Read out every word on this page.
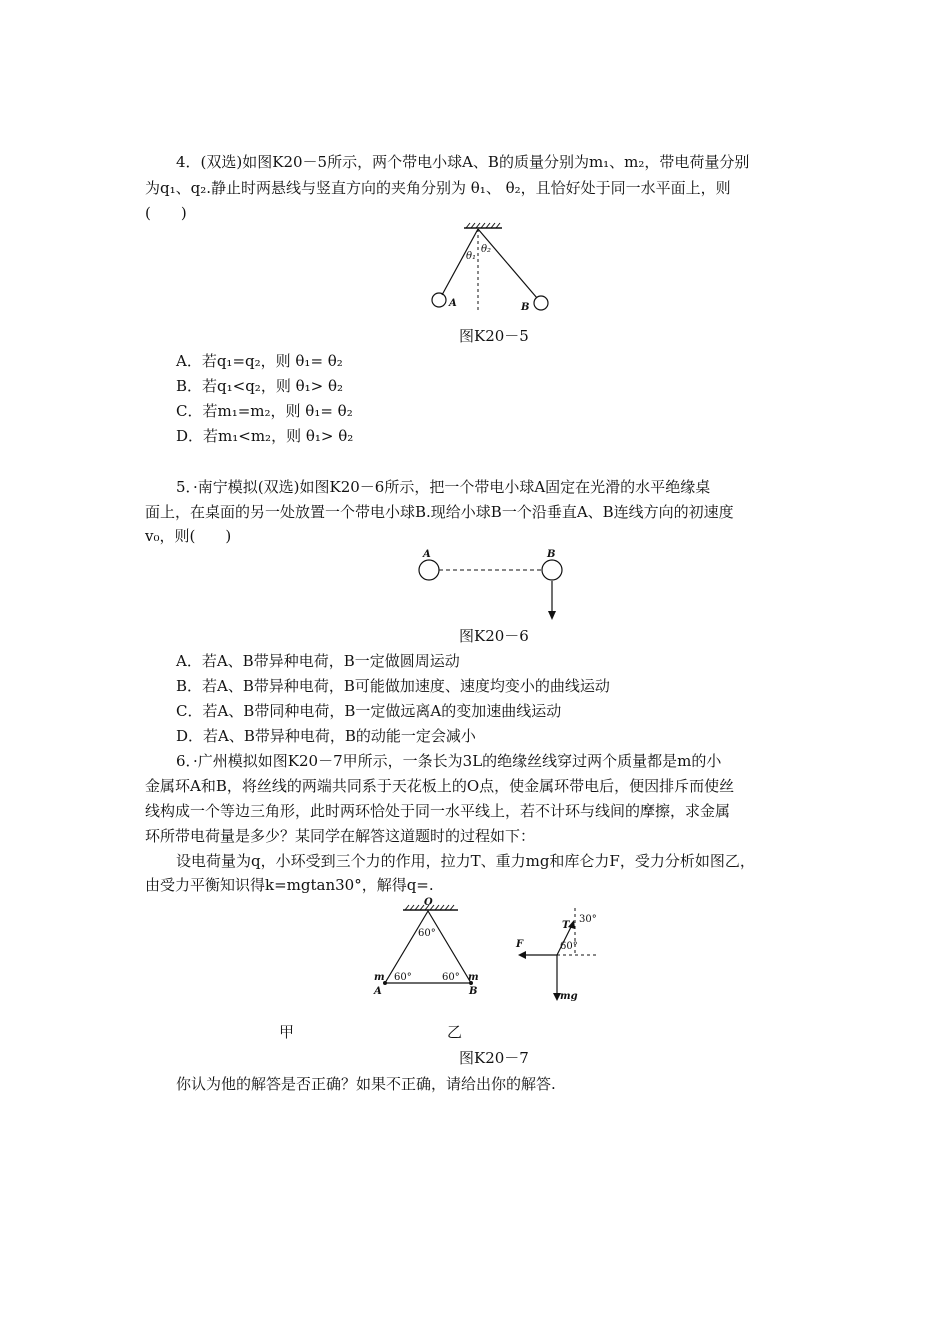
4．(双选)如图K20－5所示，两个带电小球A、B的质量分别为m₁、m₂，带电荷量分别
为q₁、q₂.静止时两悬线与竖直方向的夹角分别为 θ₁、 θ₂，且恰好处于同一水平面上，则
(　　)
θ₁
θ₂
A	B
图K20－5
A．若q₁=q₂，则 θ₁= θ₂
B．若q₁<q₂，则 θ₁> θ₂
C．若m₁=m₂，则 θ₁= θ₂
D．若m₁<m₂，则 θ₁> θ₂
5．·南宁模拟(双选)如图K20－6所示，把一个带电小球A固定在光滑的水平绝缘桌
面上，在桌面的另一处放置一个带电小球B.现给小球B一个沿垂直A、B连线方向的初速度
v₀，则(　　)
A	B
图K20－6
A．若A、B带异种电荷，B一定做圆周运动
B．若A、B带异种电荷，B可能做加速度、速度均变小的曲线运动
C．若A、B带同种电荷，B一定做远离A的变加速曲线运动
D．若A、B带异种电荷，B的动能一定会减小
6．·广州模拟如图K20－7甲所示，一条长为3L的绝缘丝线穿过两个质量都是m的小
金属环A和B，将丝线的两端共同系于天花板上的O点，使金属环带电后，便因排斥而使丝
线构成一个等边三角形，此时两环恰处于同一水平线上，若不计环与线间的摩擦，求金属
环所带电荷量是多少？某同学在解答这道题时的过程如下：
设电荷量为q，小环受到三个力的作用，拉力T、重力mg和库仑力F，受力分析如图乙，
由受力平衡知识得k=mgtan30°，解得q=.
O
60°
60°	60°
m	m
A	B
T
30°
60°
F
mg
甲	乙
图K20－7
你认为他的解答是否正确？如果不正确，请给出你的解答.
